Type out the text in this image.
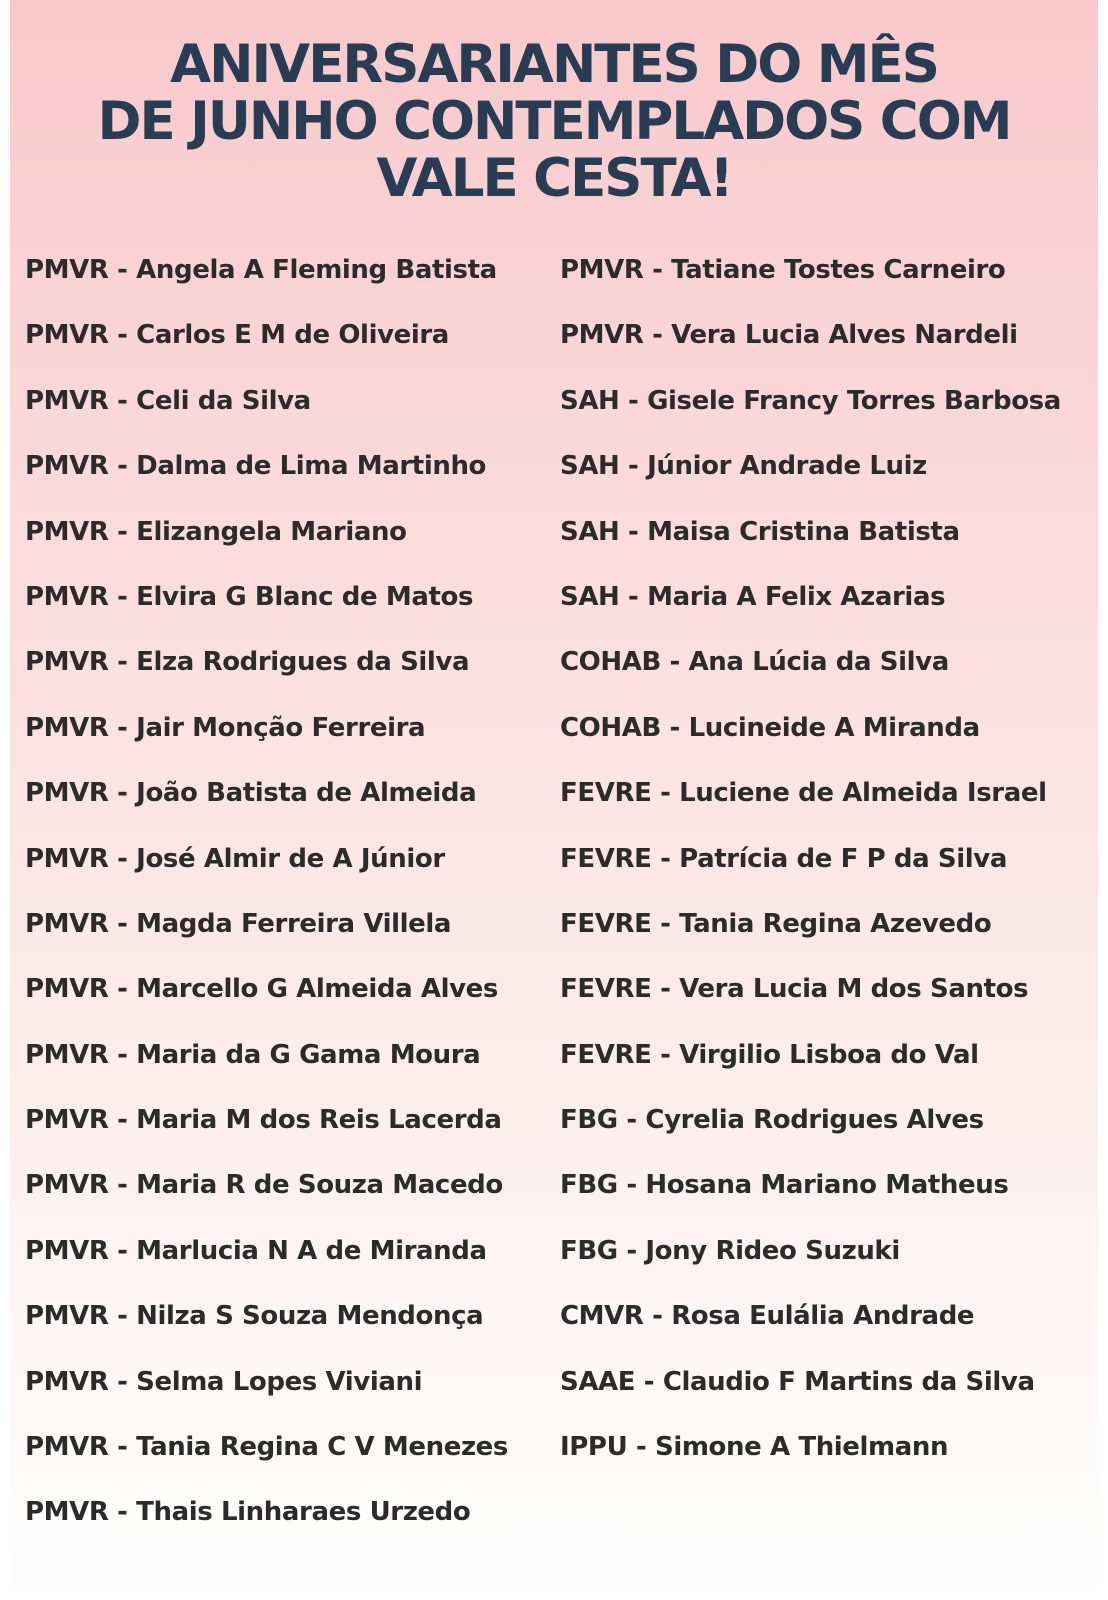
ANIVERSARIANTES DO MÊS
DE JUNHO CONTEMPLADOS COM
VALE CESTA!
PMVR - Angela A Fleming Batista
PMVR - Carlos E M de Oliveira
PMVR - Celi da Silva
PMVR - Dalma de Lima Martinho
PMVR - Elizangela Mariano
PMVR - Elvira G Blanc de Matos
PMVR - Elza Rodrigues da Silva
PMVR - Jair Monção Ferreira
PMVR - João Batista de Almeida
PMVR - José Almir de A Júnior
PMVR - Magda Ferreira Villela
PMVR - Marcello G Almeida Alves
PMVR - Maria da G Gama Moura
PMVR - Maria M dos Reis Lacerda
PMVR - Maria R de Souza Macedo
PMVR - Marlucia N A de Miranda
PMVR - Nilza S Souza Mendonça
PMVR - Selma Lopes Viviani
PMVR - Tania Regina C V Menezes
PMVR - Thais Linharaes Urzedo
PMVR - Tatiane Tostes Carneiro
PMVR - Vera Lucia Alves Nardeli
SAH - Gisele Francy Torres Barbosa
SAH - Júnior Andrade Luiz
SAH - Maisa Cristina Batista
SAH - Maria A Felix Azarias
COHAB - Ana Lúcia da Silva
COHAB - Lucineide A Miranda
FEVRE - Luciene de Almeida Israel
FEVRE - Patrícia de F P da Silva
FEVRE - Tania Regina Azevedo
FEVRE - Vera Lucia M dos Santos
FEVRE - Virgilio Lisboa do Val
FBG - Cyrelia Rodrigues Alves
FBG - Hosana Mariano Matheus
FBG - Jony Rideo Suzuki
CMVR - Rosa Eulália Andrade
SAAE - Claudio F Martins da Silva
IPPU - Simone A Thielmann
